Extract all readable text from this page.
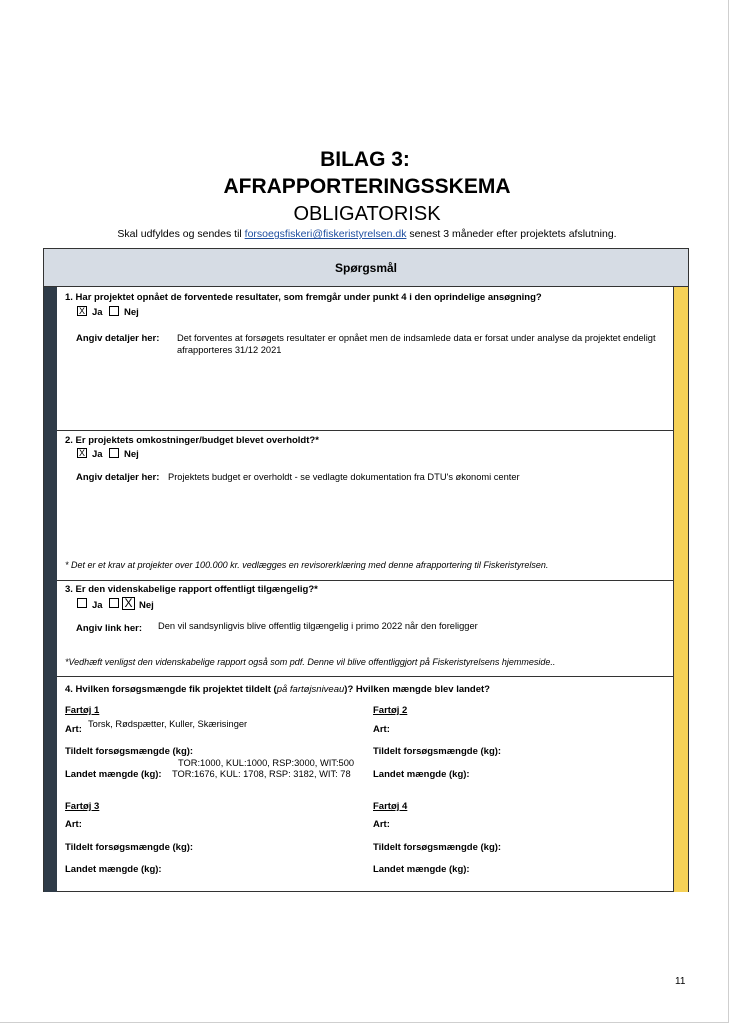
BILAG 3:
AFRAPPORTERINGSSKEMA
OBLIGATORISK
Skal udfyldes og sendes til forsoegsfiskeri@fiskeristyrelsen.dk senest 3 måneder efter projektets afslutning.
Spørgsmål
1. Har projektet opnået de forventede resultater, som fremgår under punkt 4 i den oprindelige ansøgning?
X Ja Nej
Angiv detaljer her: Det forventes at forsøgets resultater er opnået men de indsamlede data er forsat under analyse da projektet endeligt
afrapporteres 31/12 2021
2. Er projektets omkostninger/budget blevet overholdt?*
X Ja Nej
Angiv detaljer her: Projektets budget er overholdt - se vedlagte dokumentation fra DTU's økonomi center
* Det er et krav at projekter over 100.000 kr. vedlægges en revisorerklæring med denne afrapportering til Fiskeristyrelsen.
3. Er den videnskabelige rapport offentligt tilgængelig?*
Ja X Nej
Angiv link her: Den vil sandsynligvis blive offentlig tilgængelig i primo 2022 når den foreligger
*Vedhæft venligst den videnskabelige rapport også som pdf. Denne vil blive offentliggjort på Fiskeristyrelsens hjemmeside..
4. Hvilken forsøgsmængde fik projektet tildelt (på fartøjsniveau)? Hvilken mængde blev landet?
Fartøj 1
Art: Torsk, Rødspætter, Kuller, Skærisinger
Tildelt forsøgsmængde (kg):
TOR:1000, KUL:1000, RSP:3000, WIT:500
Landet mængde (kg): TOR:1676, KUL: 1708, RSP: 3182, WIT: 78
Fartøj 2
Art:
Tildelt forsøgsmængde (kg):
Landet mængde (kg):
Fartøj 3
Art:
Tildelt forsøgsmængde (kg):
Landet mængde (kg):
Fartøj 4
Art:
Tildelt forsøgsmængde (kg):
Landet mængde (kg):
11
